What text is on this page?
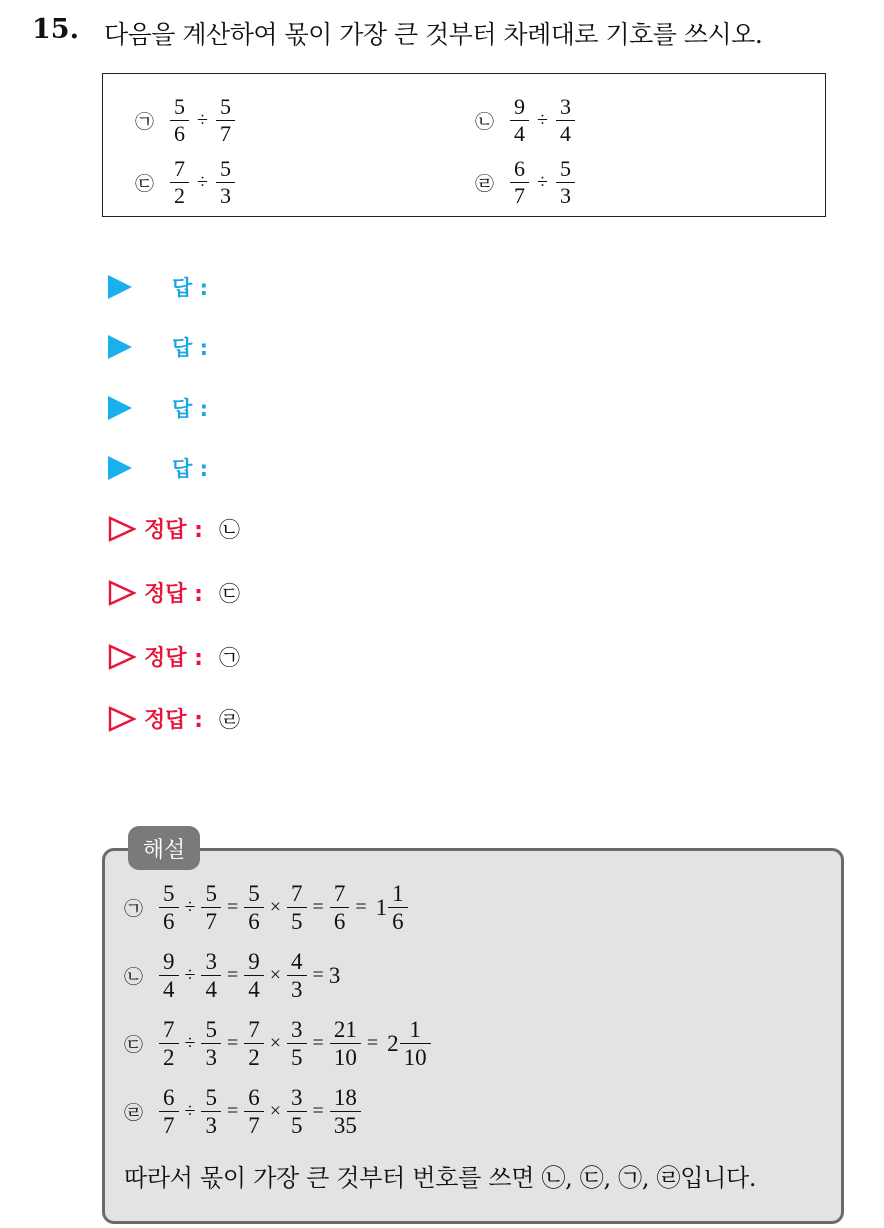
15. 다음을 계산하여 몫이 가장 큰 것부터 차례대로 기호를 쓰시오.
㉠ $\frac{5}{6} \div \frac{5}{7}$	㉡ $\frac{9}{4} \div \frac{3}{4}$
㉢ $\frac{7}{2} \div \frac{5}{3}$	㉣ $\frac{6}{7} \div \frac{5}{3}$
답 :
답 :
답 :
답 :
정답 : ㉡
정답 : ㉢
정답 : ㉠
정답 : ㉣
해설
㉠ $\frac{5}{6} \div \frac{5}{7} = \frac{5}{6} \times \frac{7}{5} = \frac{7}{6} = 1 \frac{1}{6}$
㉡ $\frac{9}{4} \div \frac{3}{4} = \frac{9}{4} \times \frac{4}{3} = 3$
㉢ $\frac{7}{2} \div \frac{5}{3} = \frac{7}{2} \times \frac{3}{5} = \frac{21}{10} = 2 \frac{1}{10}$
㉣ $\frac{6}{7} \div \frac{5}{3} = \frac{6}{7} \times \frac{3}{5} = \frac{18}{35}$
따라서 몫이 가장 큰 것부터 번호를 쓰면 ㉡, ㉢, ㉠, ㉣입니다.
